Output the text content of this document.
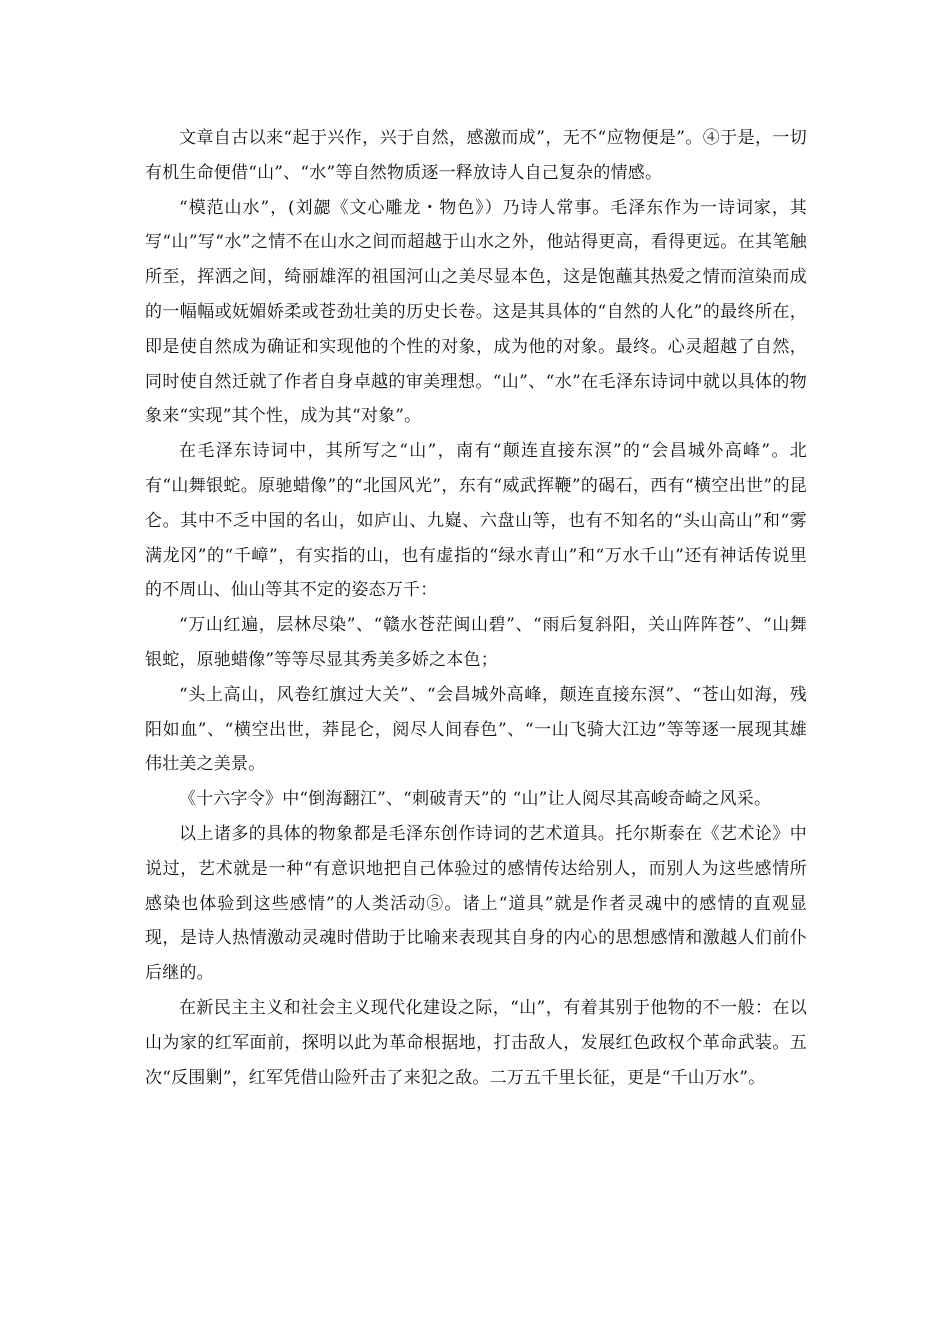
文章自古以来“起于兴作，兴于自然，感激而成”，无不“应物便是”。④于是，一切有机生命便借“山”、“水”等自然物质逐一释放诗人自己复杂的情感。

“模范山水”，(刘勰《文心雕龙・物色》）乃诗人常事。毛泽东作为一诗词家，其写“山”写“水”之情不在山水之间而超越于山水之外，他站得更高，看得更远。在其笔触所至，挥洒之间，绮丽雄浑的祖国河山之美尽显本色，这是饱蘸其热爱之情而渲染而成的一幅幅或妩媚娇柔或苍劲壮美的历史长卷。这是其具体的“自然的人化”的最终所在，即是使自然成为确证和实现他的个性的对象，成为他的对象。最终。心灵超越了自然，同时使自然迁就了作者自身卓越的审美理想。“山”、“水”在毛泽东诗词中就以具体的物象来“实现”其个性，成为其“对象”。

在毛泽东诗词中，其所写之“山”，南有“颠连直接东溟”的“会昌城外高峰”。北有“山舞银蛇。原驰蜡像”的“北国风光”，东有“威武挥鞭”的碣石，西有“横空出世”的昆仑。其中不乏中国的名山，如庐山、九嶷、六盘山等，也有不知名的“头山高山”和“雾满龙冈”的“千嶂”，有实指的山，也有虚指的“绿水青山”和“万水千山”还有神话传说里的不周山、仙山等其不定的姿态万千：

“万山红遍，层林尽染”、“赣水苍茫闽山碧”、“雨后复斜阳，关山阵阵苍”、“山舞银蛇，原驰蜡像”等等尽显其秀美多娇之本色；

“头上高山，风卷红旗过大关”、“会昌城外高峰，颠连直接东溟”、“苍山如海，残阳如血”、“横空出世，莽昆仑，阅尽人间春色”、“一山飞骑大江边”等等逐一展现其雄伟壮美之美景。

《十六字令》中“倒海翻江”、“刺破青天”的 “山”让人阅尽其高峻奇崎之风采。

以上诸多的具体的物象都是毛泽东创作诗词的艺术道具。托尔斯泰在《艺术论》中说过，艺术就是一种“有意识地把自己体验过的感情传达给别人，而别人为这些感情所感染也体验到这些感情”的人类活动⑤。诸上“道具”就是作者灵魂中的感情的直观显现，是诗人热情激动灵魂时借助于比喻来表现其自身的内心的思想感情和激越人们前仆后继的。

在新民主主义和社会主义现代化建设之际，“山”，有着其别于他物的不一般：在以山为家的红军面前，探明以此为革命根据地，打击敌人，发展红色政权个革命武装。五次“反围剿”，红军凭借山险歼击了来犯之敌。二万五千里长征，更是“千山万水”。
